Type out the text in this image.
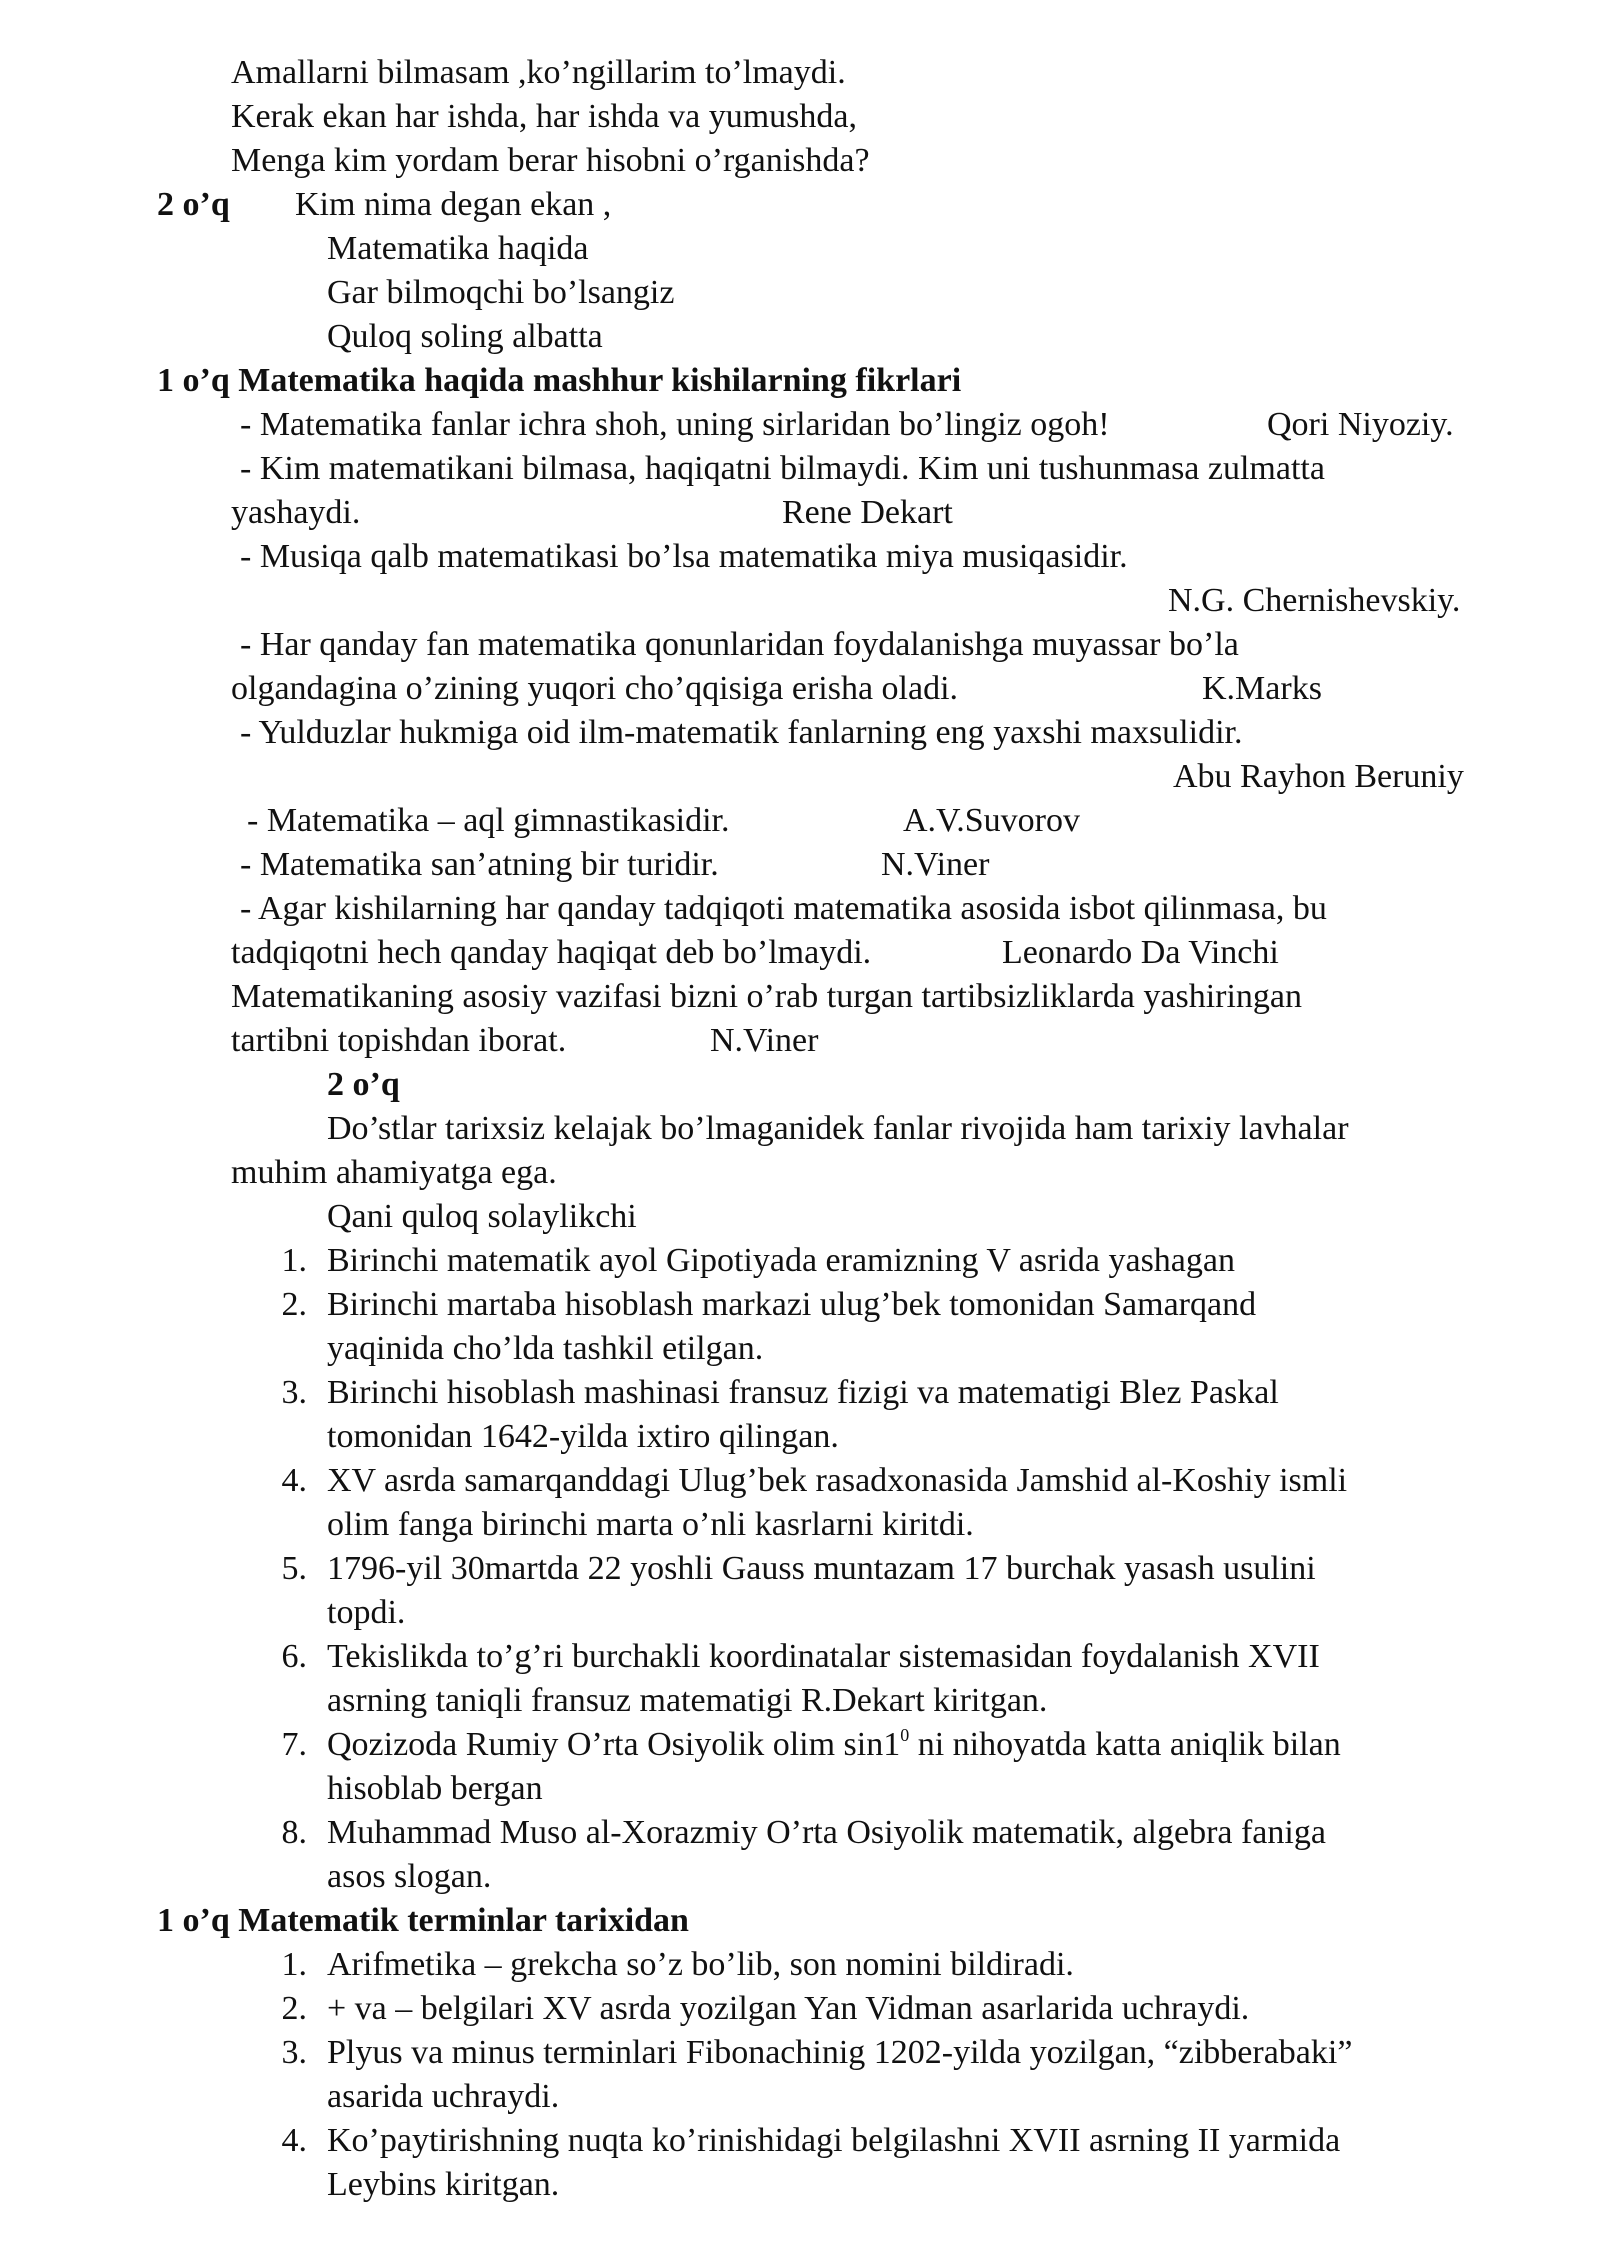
Amallarni bilmasam ,ko’ngillarim to’lmaydi.
Kerak ekan har ishda, har ishda va yumushda,
Menga kim yordam berar hisobni o’rganishda?
2 o’q Kim nima degan ekan ,
Matematika haqida
Gar bilmoqchi bo’lsangiz
Quloq soling albatta
1 o’q Matematika haqida mashhur kishilarning fikrlari
- Matematika fanlar ichra shoh, uning sirlaridan bo’lingiz ogoh!	Qori Niyoziy.
- Kim matematikani bilmasa, haqiqatni bilmaydi. Kim uni tushunmasa zulmatta
yashaydi.	Rene Dekart
- Musiqa qalb matematikasi bo’lsa matematika miya musiqasidir.
N.G. Chernishevskiy.
- Har qanday fan matematika qonunlaridan foydalanishga muyassar bo’la
olgandagina o’zining yuqori cho’qqisiga erisha oladi.	K.Marks
- Yulduzlar hukmiga oid ilm-matematik fanlarning eng yaxshi maxsulidir.
Abu Rayhon Beruniy
- Matematika – aql gimnastikasidir.	A.V.Suvorov
- Matematika san’atning bir turidir.	N.Viner
- Agar kishilarning har qanday tadqiqoti matematika asosida isbot qilinmasa, bu
tadqiqotni hech qanday haqiqat deb bo’lmaydi.	Leonardo Da Vinchi
Matematikaning asosiy vazifasi bizni o’rab turgan tartibsizliklarda yashiringan
tartibni topishdan iborat.	N.Viner
2 o’q
Do’stlar tarixsiz kelajak bo’lmaganidek fanlar rivojida ham tarixiy lavhalar
muhim ahamiyatga ega.
Qani quloq solaylikchi
1. Birinchi matematik ayol Gipotiyada eramizning V asrida yashagan
2. Birinchi martaba hisoblash markazi ulug’bek tomonidan Samarqand
yaqinida cho’lda tashkil etilgan.
3. Birinchi hisoblash mashinasi fransuz fizigi va matematigi Blez Paskal
tomonidan 1642-yilda ixtiro qilingan.
4. XV asrda samarqanddagi Ulug’bek rasadxonasida Jamshid al-Koshiy ismli
olim fanga birinchi marta o’nli kasrlarni kiritdi.
5. 1796-yil 30martda 22 yoshli Gauss muntazam 17 burchak yasash usulini
topdi.
6. Tekislikda to’g’ri burchakli koordinatalar sistemasidan foydalanish XVII
asrning taniqli fransuz matematigi R.Dekart kiritgan.
7. Qozizoda Rumiy O’rta Osiyolik olim $\sin 1^0$ ni nihoyatda katta aniqlik bilan
hisoblab bergan
8. Muhammad Muso al-Xorazmiy O’rta Osiyolik matematik, algebra faniga
asos slogan.
1 o’q Matematik terminlar tarixidan
1. Arifmetika – grekcha so’z bo’lib, son nomini bildiradi.
2. + va – belgilari XV asrda yozilgan Yan Vidman asarlarida uchraydi.
3. Plyus va minus terminlari Fibonachinig 1202-yilda yozilgan, “zibberabaki”
asarida uchraydi.
4. Ko’paytirishning nuqta ko’rinishidagi belgilashni XVII asrning II yarmida
Leybins kiritgan.
